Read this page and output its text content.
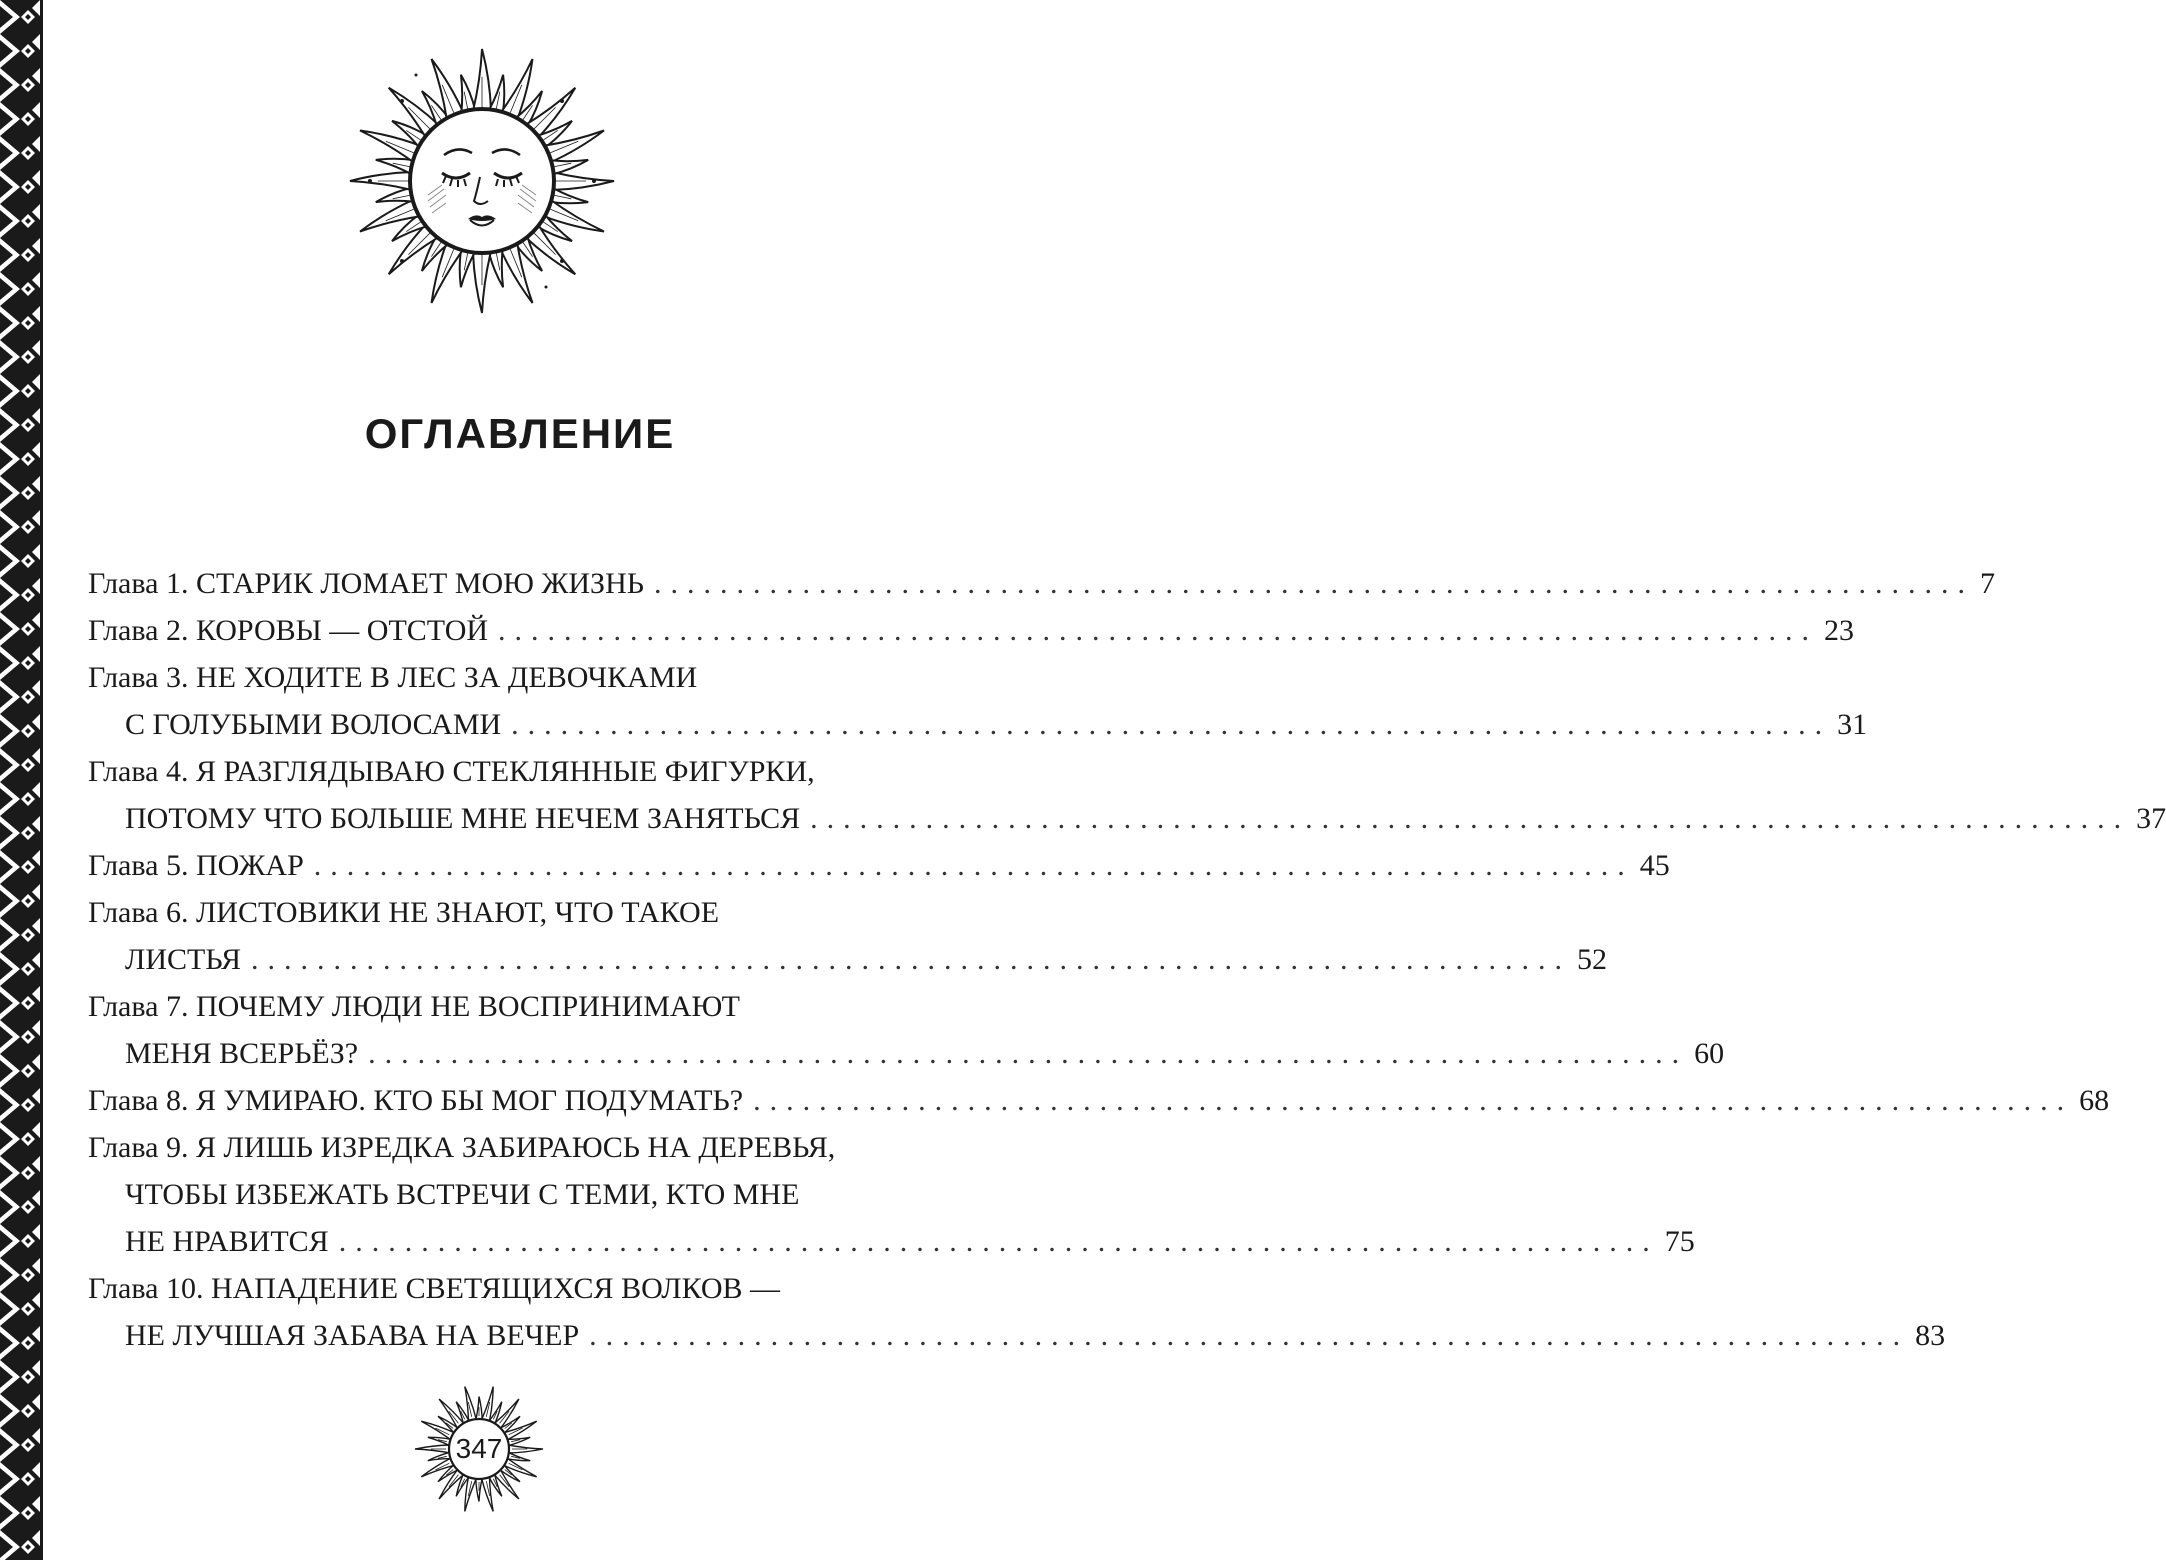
ОГЛАВЛЕНИЕ
Глава 1. СТАРИК ЛОМАЕТ МОЮ ЖИЗНЬ ................................................................................ 7
Глава 2. КОРОВЫ — ОТСТОЙ ................................................................................ 23
Глава 3. НЕ ХОДИТЕ В ЛЕС ЗА ДЕВОЧКАМИ
С ГОЛУБЫМИ ВОЛОСАМИ ................................................................................ 31
Глава 4. Я РАЗГЛЯДЫВАЮ СТЕКЛЯННЫЕ ФИГУРКИ,
ПОТОМУ ЧТО БОЛЬШЕ МНЕ НЕЧЕМ ЗАНЯТЬСЯ ................................................................................ 37
Глава 5. ПОЖАР ................................................................................ 45
Глава 6. ЛИСТОВИКИ НЕ ЗНАЮТ, ЧТО ТАКОЕ
ЛИСТЬЯ ................................................................................ 52
Глава 7. ПОЧЕМУ ЛЮДИ НЕ ВОСПРИНИМАЮТ
МЕНЯ ВСЕРЬЁЗ? ................................................................................ 60
Глава 8. Я УМИРАЮ. КТО БЫ МОГ ПОДУМАТЬ? ................................................................................ 68
Глава 9. Я ЛИШЬ ИЗРЕДКА ЗАБИРАЮСЬ НА ДЕРЕВЬЯ,
ЧТОБЫ ИЗБЕЖАТЬ ВСТРЕЧИ С ТЕМИ, КТО МНЕ
НЕ НРАВИТСЯ ................................................................................ 75
Глава 10. НАПАДЕНИЕ СВЕТЯЩИХСЯ ВОЛКОВ —
НЕ ЛУЧШАЯ ЗАБАВА НА ВЕЧЕР ................................................................................ 83
347
